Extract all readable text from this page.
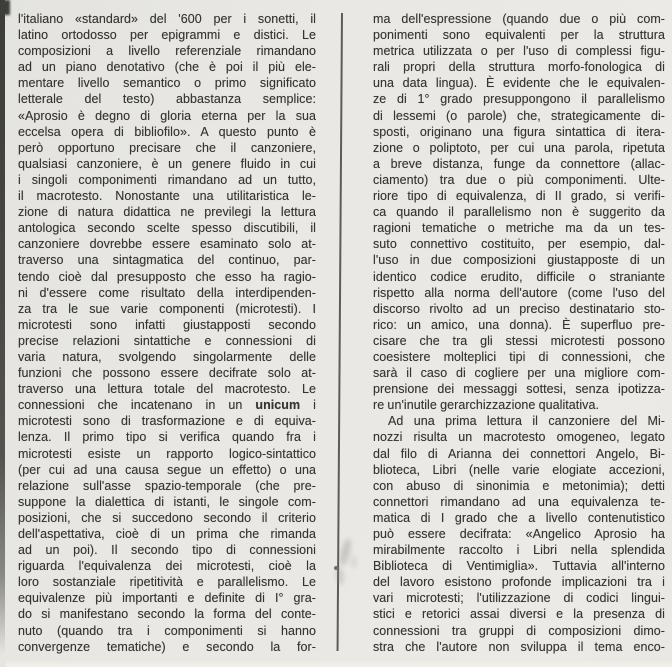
l'italiano «standard» del '600 per i sonetti, il
latino ortodosso per epigrammi e distici. Le
composizioni a livello referenziale rimandano
ad un piano denotativo (che è poi il più ele-
mentare livello semantico o primo significato
letterale del testo) abbastanza semplice:
«Aprosio è degno di gloria eterna per la sua
eccelsa opera di bibliofilo». A questo punto è
però opportuno precisare che il canzoniere,
qualsiasi canzoniere, è un genere fluido in cui
i singoli componimenti rimandano ad un tutto,
il macrotesto. Nonostante una utilitaristica le-
zione di natura didattica ne previlegi la lettura
antologica secondo scelte spesso discutibili, il
canzoniere dovrebbe essere esaminato solo at-
traverso una sintagmatica del continuo, par-
tendo cioè dal presupposto che esso ha ragio-
ni d'essere come risultato della interdipenden-
za tra le sue varie componenti (microtesti). I
microtesti sono infatti giustapposti secondo
precise relazioni sintattiche e connessioni di
varia natura, svolgendo singolarmente delle
funzioni che possono essere decifrate solo at-
traverso una lettura totale del macrotesto. Le
connessioni che incatenano in un unicum i
microtesti sono di trasformazione e di equiva-
lenza. Il primo tipo si verifica quando fra i
microtesti esiste un rapporto logico-sintattico
(per cui ad una causa segue un effetto) o una
relazione sull'asse spazio-temporale (che pre-
suppone la dialettica di istanti, le singole com-
posizioni, che si succedono secondo il criterio
dell'aspettativa, cioè di un prima che rimanda
ad un poi). Il secondo tipo di connessioni
riguarda l'equivalenza dei microtesti, cioè la
loro sostanziale ripetitività e parallelismo. Le
equivalenze più importanti e definite di I° gra-
do si manifestano secondo la forma del conte-
nuto (quando tra i componimenti si hanno
convergenze tematiche) e secondo la for-
ma dell'espressione (quando due o più com-
ponimenti sono equivalenti per la struttura
metrica utilizzata o per l'uso di complessi figu-
rali propri della struttura morfo-fonologica di
una data lingua). È evidente che le equivalen-
ze di 1° grado presuppongono il parallelismo
di lessemi (o parole) che, strategicamente di-
sposti, originano una figura sintattica di itera-
zione o poliptoto, per cui una parola, ripetuta
a breve distanza, funge da connettore (allac-
ciamento) tra due o più componimenti. Ulte-
riore tipo di equivalenza, di II grado, si verifi-
ca quando il parallelismo non è suggerito da
ragioni tematiche o metriche ma da un tes-
suto connettivo costituito, per esempio, dal-
l'uso in due composizioni giustapposte di un
identico codice erudito, difficile o straniante
rispetto alla norma dell'autore (come l'uso del
discorso rivolto ad un preciso destinatario sto-
rico: un amico, una donna). È superfluo pre-
cisare che tra gli stessi microtesti possono
coesistere molteplici tipi di connessioni, che
sarà il caso di cogliere per una migliore com-
prensione dei messaggi sottesi, senza ipotizza-
re un'inutile gerarchizzazione qualitativa.
Ad una prima lettura il canzoniere del Mi-
nozzi risulta un macrotesto omogeneo, legato
dal filo di Arianna dei connettori Angelo, Bi-
blioteca, Libri (nelle varie elogiate accezioni,
con abuso di sinonimia e metonimia); detti
connettori rimandano ad una equivalenza te-
matica di I grado che a livello contenutistico
può essere decifrata: «Angelico Aprosio ha
mirabilmente raccolto i Libri nella splendida
Biblioteca di Ventimiglia». Tuttavia all'interno
del lavoro esistono profonde implicazioni tra i
vari microtesti; l'utilizzazione di codici lingui-
stici e retorici assai diversi e la presenza di
connessioni tra gruppi di composizioni dimo-
stra che l'autore non sviluppa il tema enco-
